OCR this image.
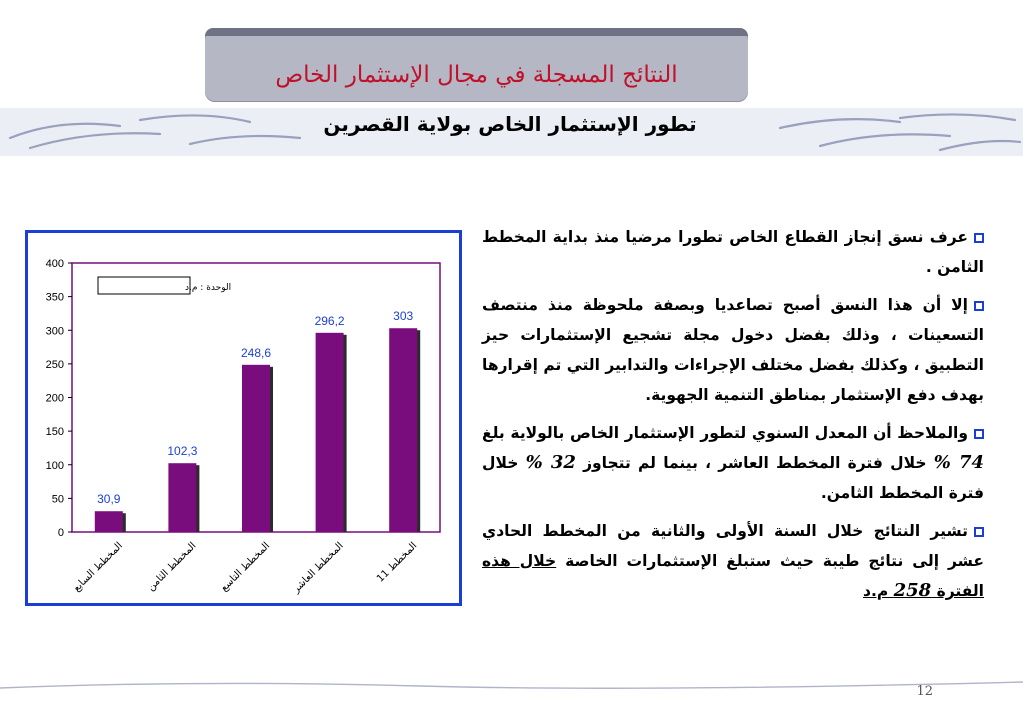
النتائج المسجلة في مجال الإستثمار الخاص
تطور الإستثمار الخاص بولاية القصرين
0
50
100
150
200
250
300
350
400
الوحدة : م.د
30,9
المخطط السابع
102,3
المخطط الثامن
248,6
المخطط التاسع
296,2
المخطط العاشر
303
المخطط 11
عرف نسق إنجاز القطاع الخاص تطورا مرضيا منذ بداية المخطط الثامن .
إلا أن هذا النسق أصبح تصاعديا وبصفة ملحوظة منذ منتصف التسعينات ، وذلك بفضل دخول مجلة تشجيع الإستثمارات حيز التطبيق ، وكذلك بفضل مختلف الإجراءات والتدابير التي تم إقرارها بهدف دفع الإستثمار بمناطق التنمية الجهوية.
والملاحظ أن المعدل السنوي لتطور الإستثمار الخاص بالولاية بلغ 74 % خلال فترة المخطط العاشر ، بينما لم تتجاوز 32 % خلال فترة المخطط الثامن.
تشير النتائج خلال السنة الأولى والثانية من المخطط الحادي عشر إلى نتائج طيبة حيث ستبلغ الإستثمارات الخاصة خلال هذه الفترة 258 م.د
12
